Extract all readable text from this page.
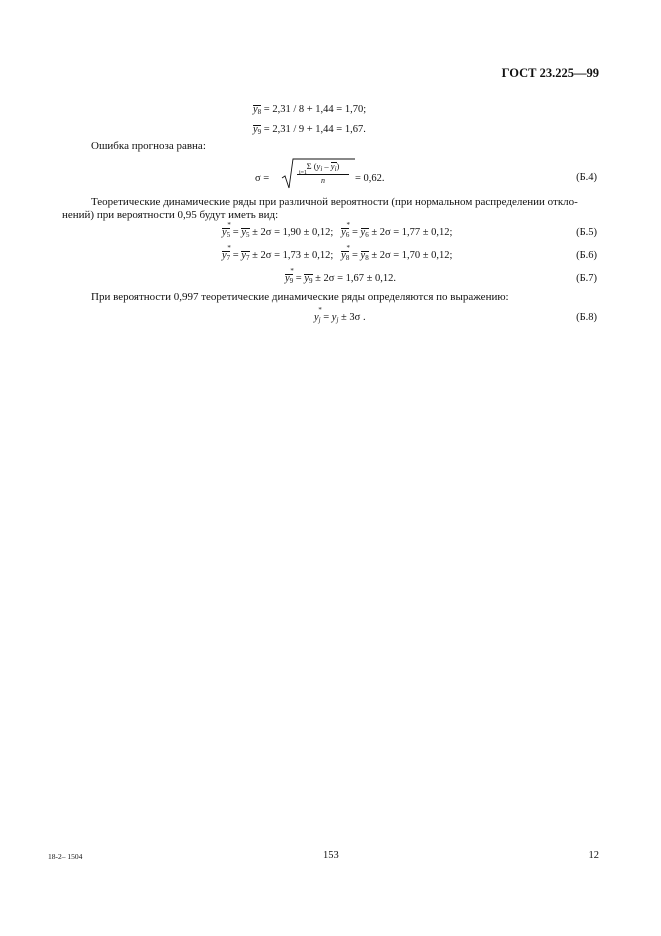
ГОСТ 23.225—99
$y_8 = 2,31 / 8 + 1,44 = 1,70$;
$y_9 = 2,31 / 9 + 1,44 = 1,67$.
Ошибка прогноза равна:
σ =	$\frac{\Sigma (y_i - y_i)}{n}$
i=1	= 0,62.	(Б.4)
Теоретические динамические ряды при различной вероятности (при нормальном распределении откло-
нений) при вероятности 0,95 будут иметь вид:
y
*
$_5 = y_5 \pm 2\sigma = 1,90 \pm 0,12$; y
*
$_6 = y_6 \pm 2\sigma = 1,77 \pm 0,12$;	(Б.5)
y
*
$_7 = y_7 \pm 2\sigma = 1,73 \pm 0,12$; y
*
$_8 = y_8 \pm 2\sigma = 1,70 \pm 0,12$;	(Б.6)
y
*
$_9 = y_9 \pm 2\sigma = 1,67 \pm 0,12$.	(Б.7)
При вероятности 0,997 теоретические динамические ряды определяются по выражению:
y
*
$_j = y_j \pm 3\sigma$ .	(Б.8)
18-2– 1504	153	12
